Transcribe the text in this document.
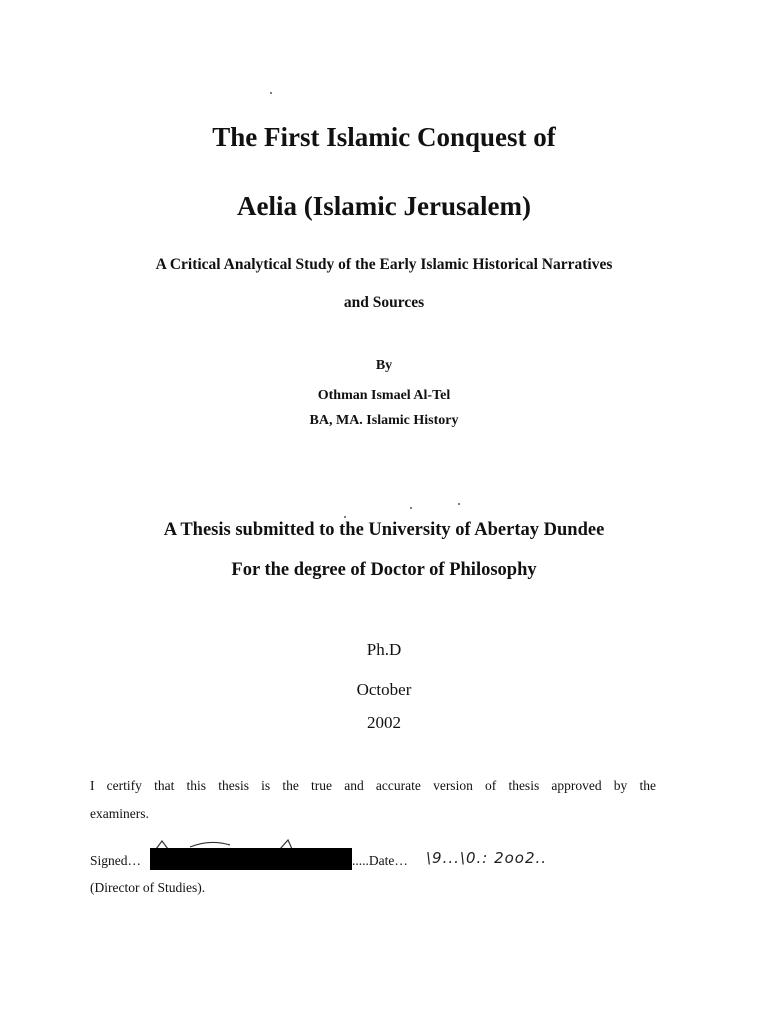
The First Islamic Conquest of
Aelia (Islamic Jerusalem)
A Critical Analytical Study of the Early Islamic Historical Narratives
and Sources
By
Othman Ismael Al-Tel
BA, MA. Islamic History
A Thesis submitted to the University of Abertay Dundee
For the degree of Doctor of Philosophy
Ph.D
October
2002
I certify that this thesis is the true and accurate version of thesis approved by the
examiners.
Signed…	.....Date… \9...\0.: 2oo2..
(Director of Studies).
